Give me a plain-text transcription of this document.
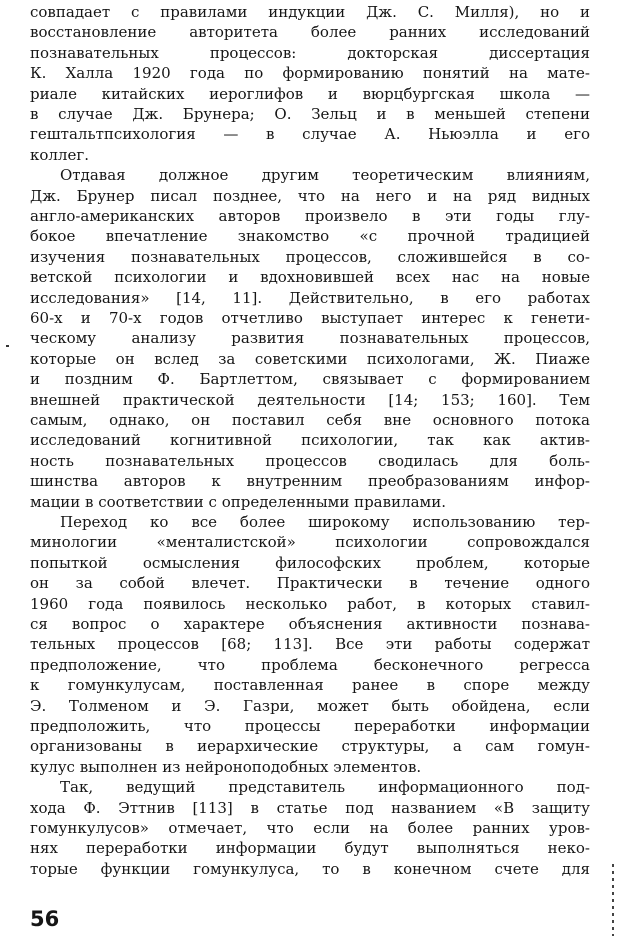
совпадает с правилами индукции Дж. С. Милля), но и
восстановление авторитета более ранних исследований
познавательных процессов: докторская диссертация
К. Халла 1920 года по формированию понятий на мате-
риале китайских иероглифов и вюрцбургская школа —
в случае Дж. Брунера; О. Зельц и в меньшей степени
гештальтпсихология — в случае А. Ньюэлла и его
коллег.
Отдавая должное другим теоретическим влияниям,
Дж. Брунер писал позднее, что на него и на ряд видных
англо-американских авторов произвело в эти годы глу-
бокое впечатление знакомство «с прочной традицией
изучения познавательных процессов, сложившейся в со-
ветской психологии и вдохновившей всех нас на новые
исследования» [14, 11]. Действительно, в его работах
60-х и 70-х годов отчетливо выступает интерес к генети-
ческому анализу развития познавательных процессов,
которые он вслед за советскими психологами, Ж. Пиаже
и поздним Ф. Бартлеттом, связывает с формированием
внешней практической деятельности [14; 153; 160]. Тем
самым, однако, он поставил себя вне основного потока
исследований когнитивной психологии, так как актив-
ность познавательных процессов сводилась для боль-
шинства авторов к внутренним преобразованиям инфор-
мации в соответствии с определенными правилами.
Переход ко все более широкому использованию тер-
минологии «менталистской» психологии сопровождался
попыткой осмысления философских проблем, которые
он за собой влечет. Практически в течение одного
1960 года появилось несколько работ, в которых ставил-
ся вопрос о характере объяснения активности познава-
тельных процессов [68; 113]. Все эти работы содержат
предположение, что проблема бесконечного регресса
к гомункулусам, поставленная ранее в споре между
Э. Толменом и Э. Газри, может быть обойдена, если
предположить, что процессы переработки информации
организованы в иерархические структуры, а сам гомун-
кулус выполнен из нейроноподобных элементов.
Так, ведущий представитель информационного под-
хода Ф. Эттнив [113] в статье под названием «В защиту
гомункулусов» отмечает, что если на более ранних уров-
нях переработки информации будут выполняться неко-
торые функции гомункулуса, то в конечном счете для
56
